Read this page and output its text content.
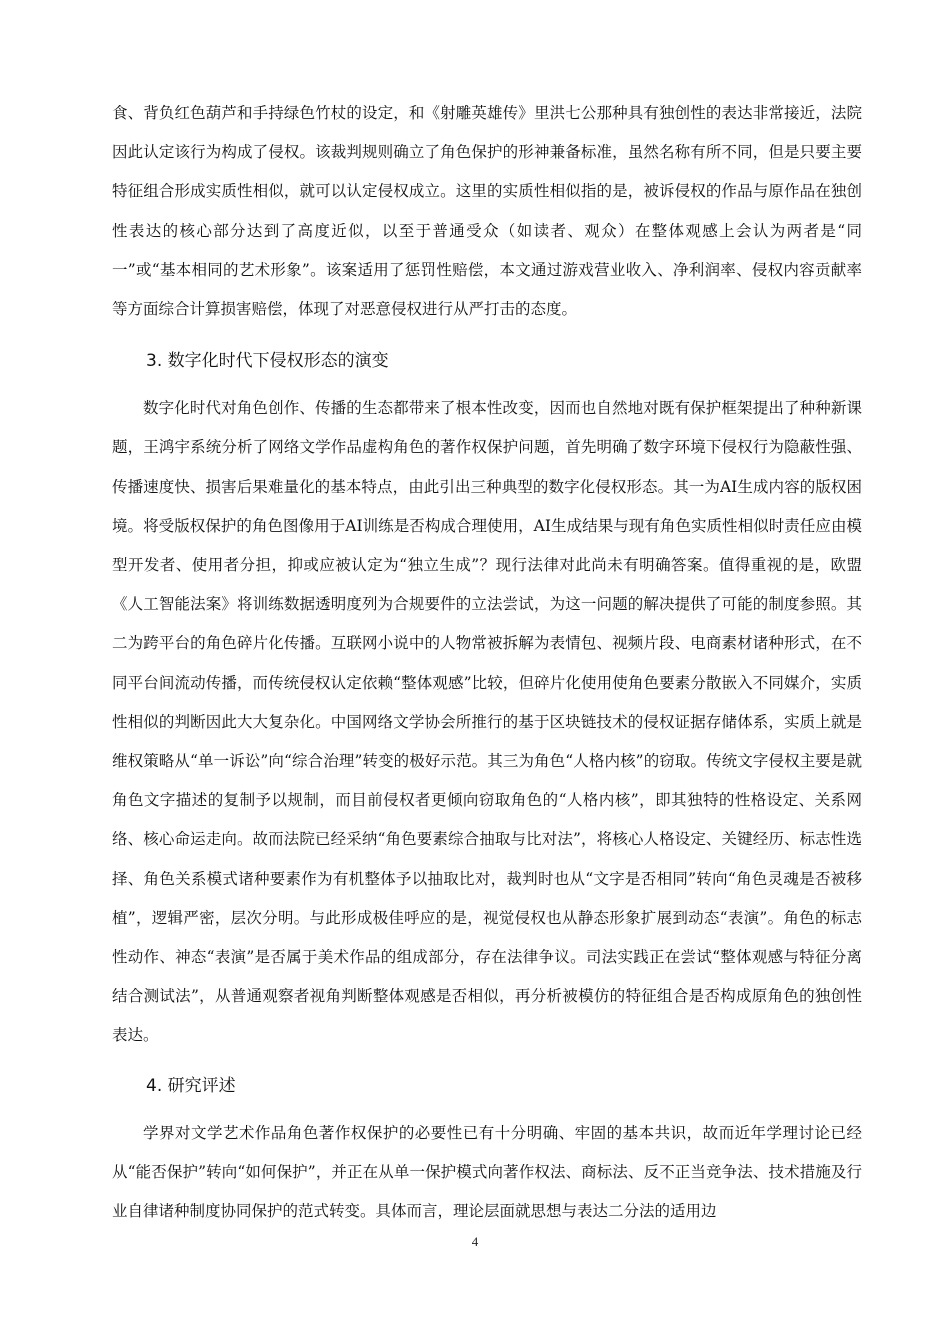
食、背负红色葫芦和手持绿色竹杖的设定，和《射雕英雄传》里洪七公那种具有独创性的表达非常接近，法院因此认定该行为构成了侵权。该裁判规则确立了角色保护的形神兼备标准，虽然名称有所不同，但是只要主要特征组合形成实质性相似，就可以认定侵权成立。这里的实质性相似指的是，被诉侵权的作品与原作品在独创性表达的核心部分达到了高度近似，以至于普通受众（如读者、观众）在整体观感上会认为两者是“同一”或“基本相同的艺术形象”。该案适用了惩罚性赔偿，本文通过游戏营业收入、净利润率、侵权内容贡献率等方面综合计算损害赔偿，体现了对恶意侵权进行从严打击的态度。

3. 数字化时代下侵权形态的演变

数字化时代对角色创作、传播的生态都带来了根本性改变，因而也自然地对既有保护框架提出了种种新课题，王鸿宇系统分析了网络文学作品虚构角色的著作权保护问题，首先明确了数字环境下侵权行为隐蔽性强、传播速度快、损害后果难量化的基本特点，由此引出三种典型的数字化侵权形态。其一为AI生成内容的版权困境。将受版权保护的角色图像用于AI训练是否构成合理使用，AI生成结果与现有角色实质性相似时责任应由模型开发者、使用者分担，抑或应被认定为“独立生成”？现行法律对此尚未有明确答案。值得重视的是，欧盟《人工智能法案》将训练数据透明度列为合规要件的立法尝试，为这一问题的解决提供了可能的制度参照。其二为跨平台的角色碎片化传播。互联网小说中的人物常被拆解为表情包、视频片段、电商素材诸种形式，在不同平台间流动传播，而传统侵权认定依赖“整体观感”比较，但碎片化使用使角色要素分散嵌入不同媒介，实质性相似的判断因此大大复杂化。中国网络文学协会所推行的基于区块链技术的侵权证据存储体系，实质上就是维权策略从“单一诉讼”向“综合治理”转变的极好示范。其三为角色“人格内核”的窃取。传统文字侵权主要是就角色文字描述的复制予以规制，而目前侵权者更倾向窃取角色的“人格内核”，即其独特的性格设定、关系网络、核心命运走向。故而法院已经采纳“角色要素综合抽取与比对法”，将核心人格设定、关键经历、标志性选择、角色关系模式诸种要素作为有机整体予以抽取比对，裁判时也从“文字是否相同”转向“角色灵魂是否被移植”，逻辑严密，层次分明。与此形成极佳呼应的是，视觉侵权也从静态形象扩展到动态“表演”。角色的标志性动作、神态“表演”是否属于美术作品的组成部分，存在法律争议。司法实践正在尝试“整体观感与特征分离结合测试法”，从普通观察者视角判断整体观感是否相似，再分析被模仿的特征组合是否构成原角色的独创性表达。

4. 研究评述

学界对文学艺术作品角色著作权保护的必要性已有十分明确、牢固的基本共识，故而近年学理讨论已经从“能否保护”转向“如何保护”，并正在从单一保护模式向著作权法、商标法、反不正当竞争法、技术措施及行业自律诸种制度协同保护的范式转变。具体而言，理论层面就思想与表达二分法的适用边

4
